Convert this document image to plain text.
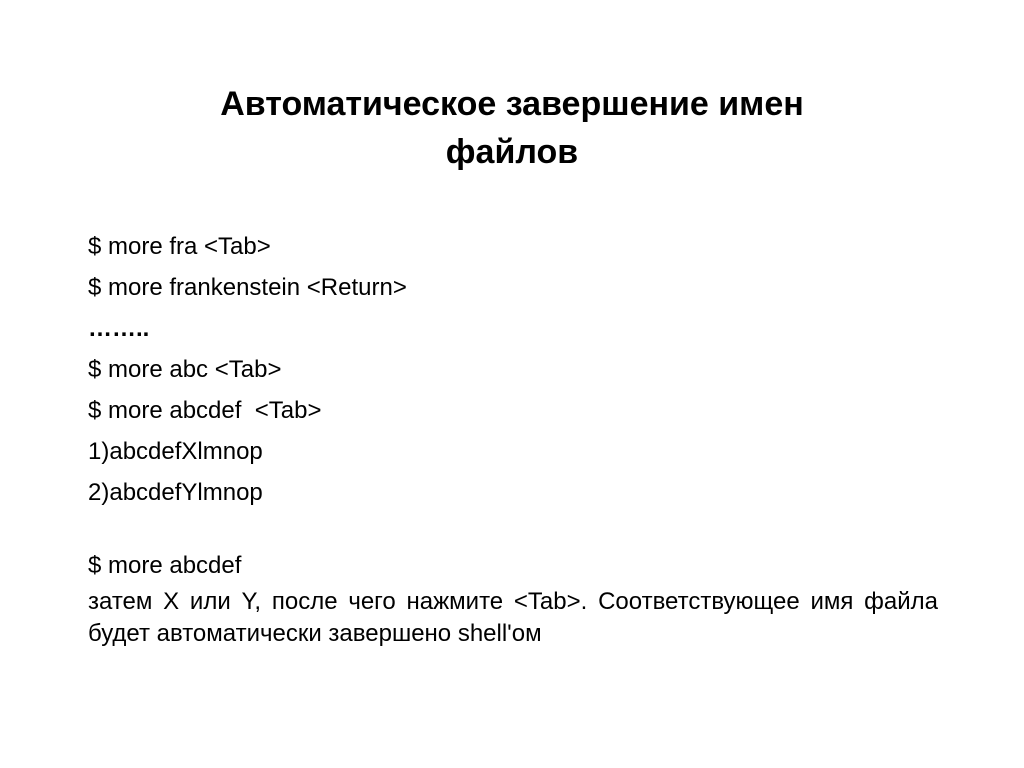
Автоматическое завершение имен
файлов
$ more fra <Tab>
$ more frankenstein <Return>
……..
$ more abc <Tab>
$ more abcdef  <Tab>
1)abcdefXlmnop
2)abcdefYlmnop
$ more abcdef
затем X или Y, после чего нажмите <Tab>. Соответствующее имя файла будет автоматически завершено shell'ом
